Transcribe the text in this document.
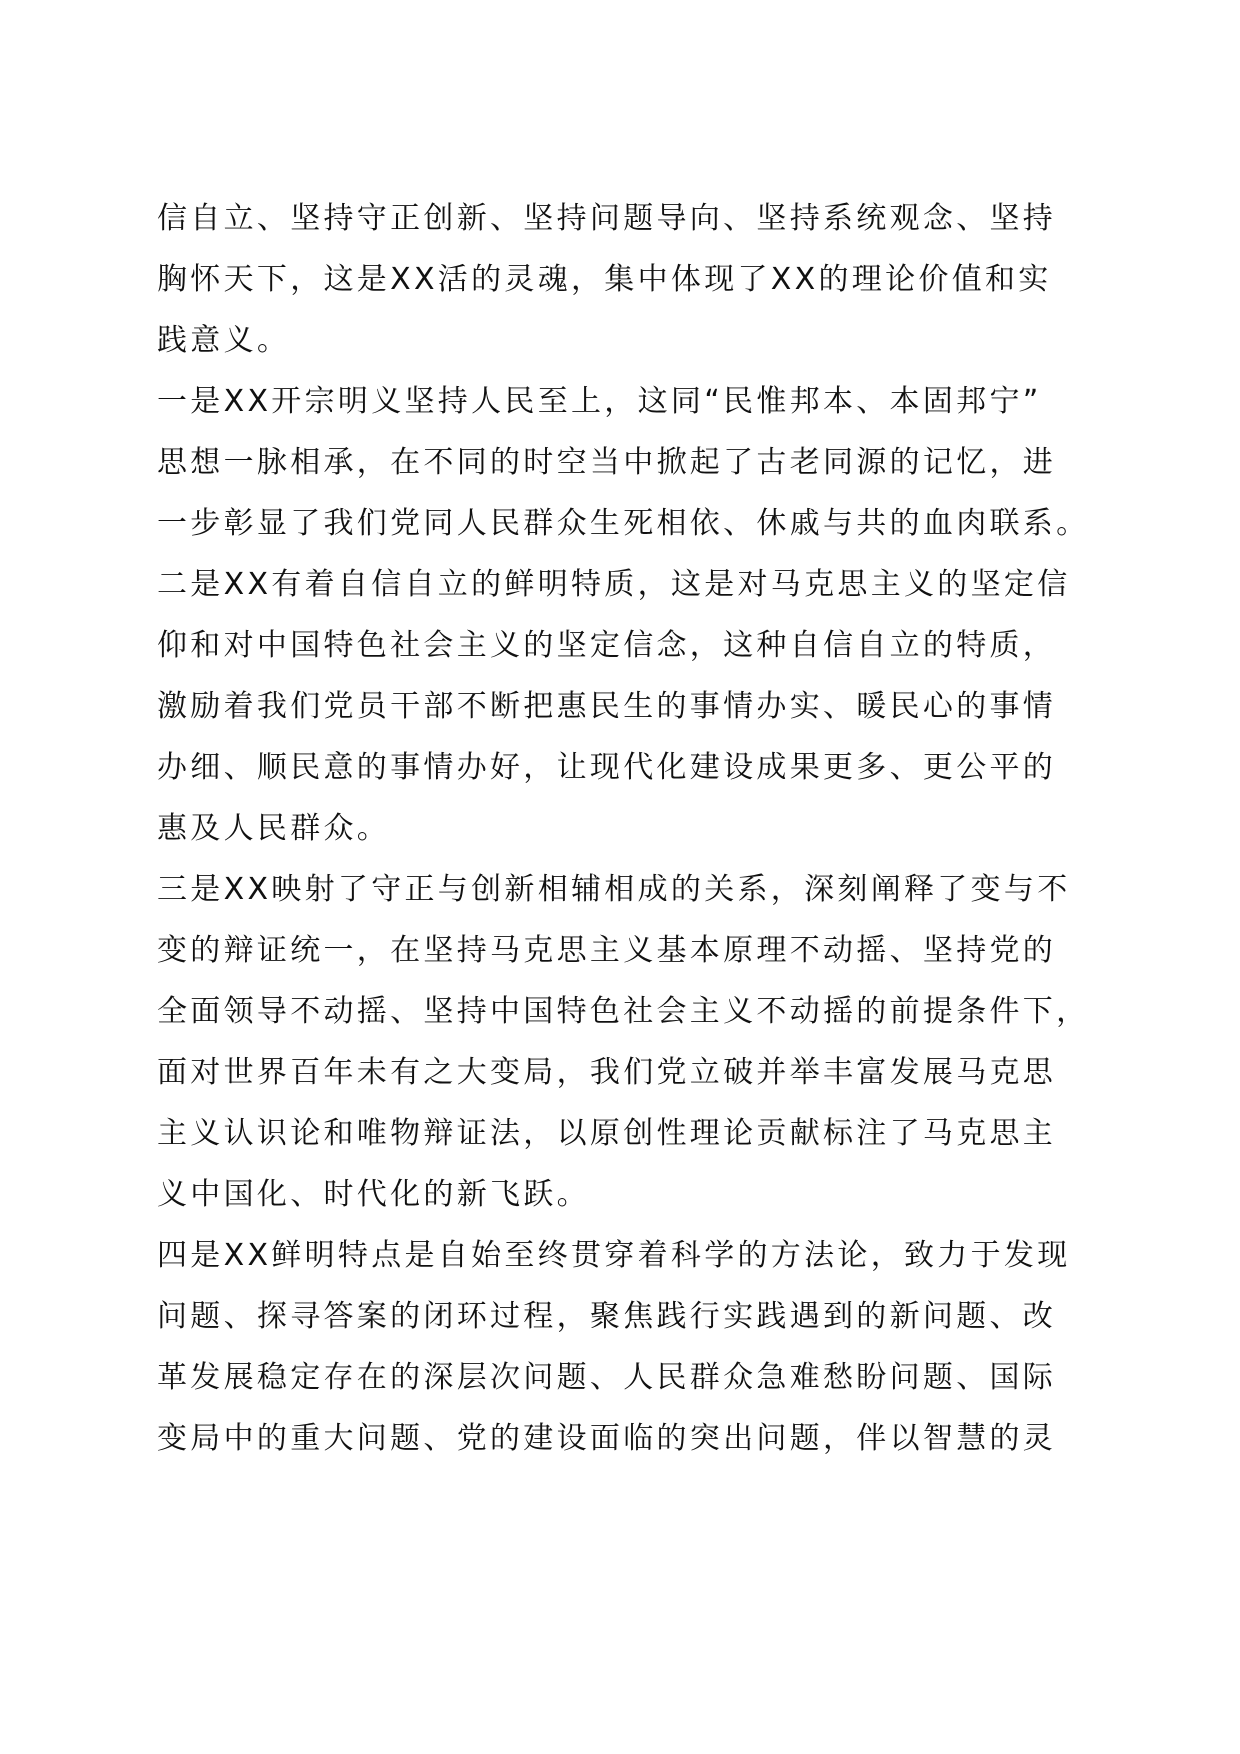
信自立、坚持守正创新、坚持问题导向、坚持系统观念、坚持
胸怀天下，这是XX活的灵魂，集中体现了XX的理论价值和实
践意义。
一是XX开宗明义坚持人民至上，这同“民惟邦本、本固邦宁”
思想一脉相承，在不同的时空当中掀起了古老同源的记忆，进
一步彰显了我们党同人民群众生死相依、休戚与共的血肉联系。
二是XX有着自信自立的鲜明特质，这是对马克思主义的坚定信
仰和对中国特色社会主义的坚定信念，这种自信自立的特质，
激励着我们党员干部不断把惠民生的事情办实、暖民心的事情
办细、顺民意的事情办好，让现代化建设成果更多、更公平的
惠及人民群众。
三是XX映射了守正与创新相辅相成的关系，深刻阐释了变与不
变的辩证统一，在坚持马克思主义基本原理不动摇、坚持党的
全面领导不动摇、坚持中国特色社会主义不动摇的前提条件下，
面对世界百年未有之大变局，我们党立破并举丰富发展马克思
主义认识论和唯物辩证法，以原创性理论贡献标注了马克思主
义中国化、时代化的新飞跃。
四是XX鲜明特点是自始至终贯穿着科学的方法论，致力于发现
问题、探寻答案的闭环过程，聚焦践行实践遇到的新问题、改
革发展稳定存在的深层次问题、人民群众急难愁盼问题、国际
变局中的重大问题、党的建设面临的突出问题，伴以智慧的灵
